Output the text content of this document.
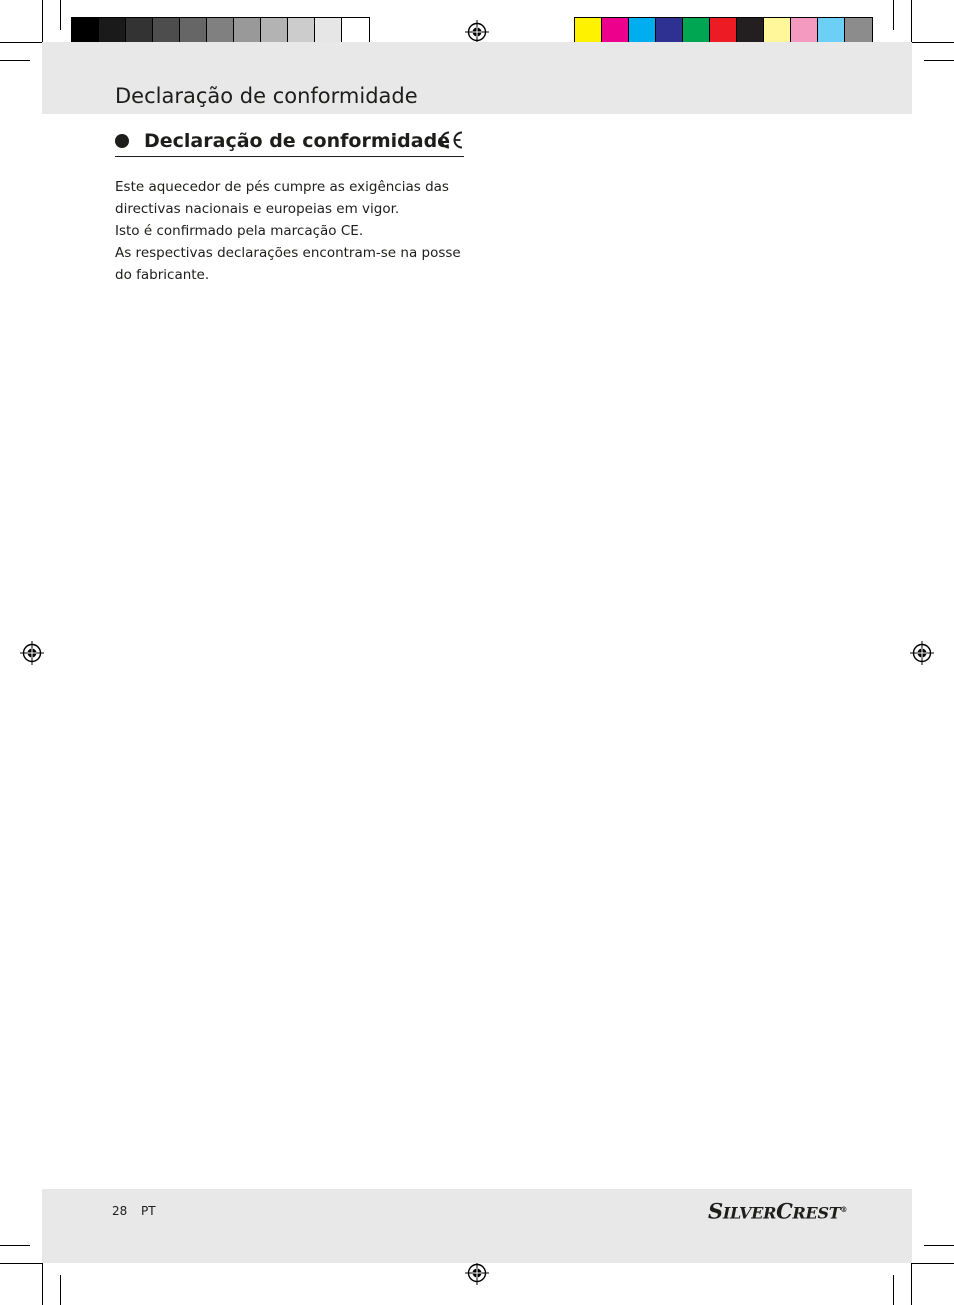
Declaração de conformidade
Declaração de conformidade

Este aquecedor de pés cumpre as exigências das

directivas nacionais e europeias em vigor.

Isto é confirmado pela marcação CE.

As respectivas declarações encontram-se na posse

do fabricante.

28 PT	SILVERCREST®
